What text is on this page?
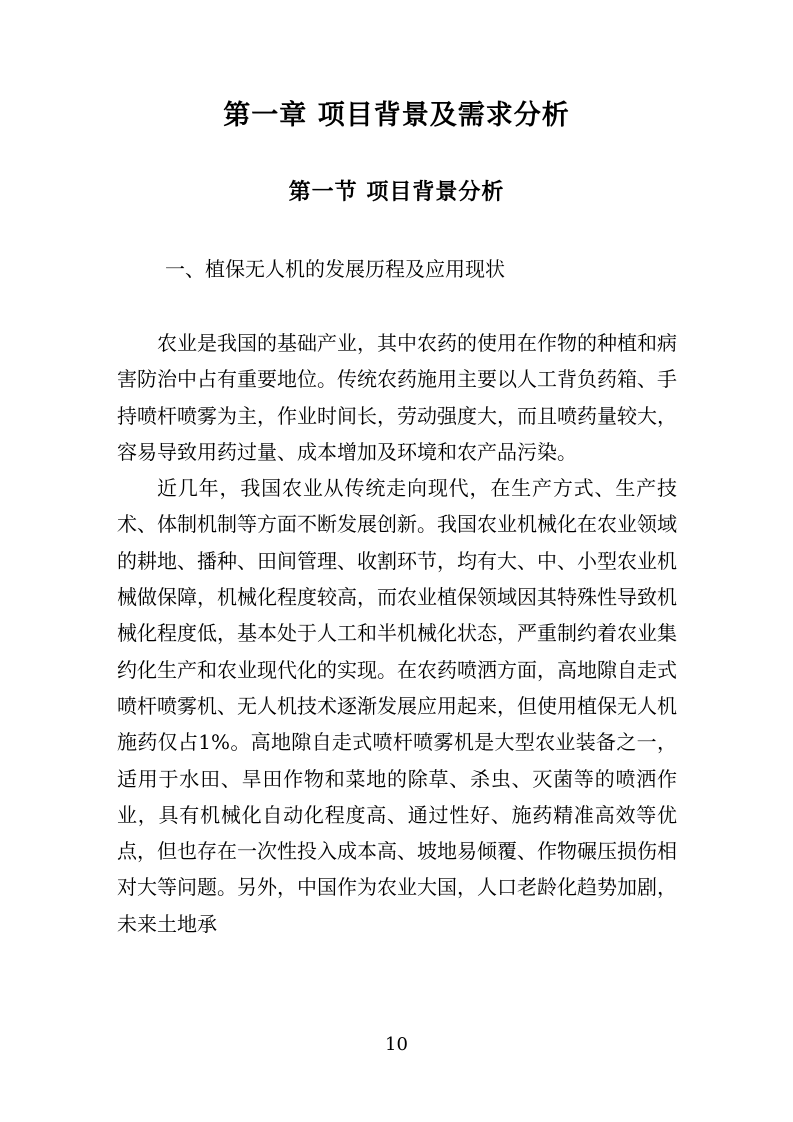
第一章 项目背景及需求分析
第一节 项目背景分析
一、植保无人机的发展历程及应用现状

农业是我国的基础产业，其中农药的使用在作物的种植和病害防治中占有重要地位。传统农药施用主要以人工背负药箱、手持喷杆喷雾为主，作业时间长，劳动强度大，而且喷药量较大，容易导致用药过量、成本增加及环境和农产品污染。

近几年，我国农业从传统走向现代，在生产方式、生产技术、体制机制等方面不断发展创新。我国农业机械化在农业领域的耕地、播种、田间管理、收割环节，均有大、中、小型农业机械做保障，机械化程度较高，而农业植保领域因其特殊性导致机械化程度低，基本处于人工和半机械化状态，严重制约着农业集约化生产和农业现代化的实现。在农药喷洒方面，高地隙自走式喷杆喷雾机、无人机技术逐渐发展应用起来，但使用植保无人机施药仅占1%。高地隙自走式喷杆喷雾机是大型农业装备之一，适用于水田、旱田作物和菜地的除草、杀虫、灭菌等的喷洒作业，具有机械化自动化程度高、通过性好、施药精准高效等优点，但也存在一次性投入成本高、坡地易倾覆、作物碾压损伤相对大等问题。另外，中国作为农业大国，人口老龄化趋势加剧，未来土地承

10
